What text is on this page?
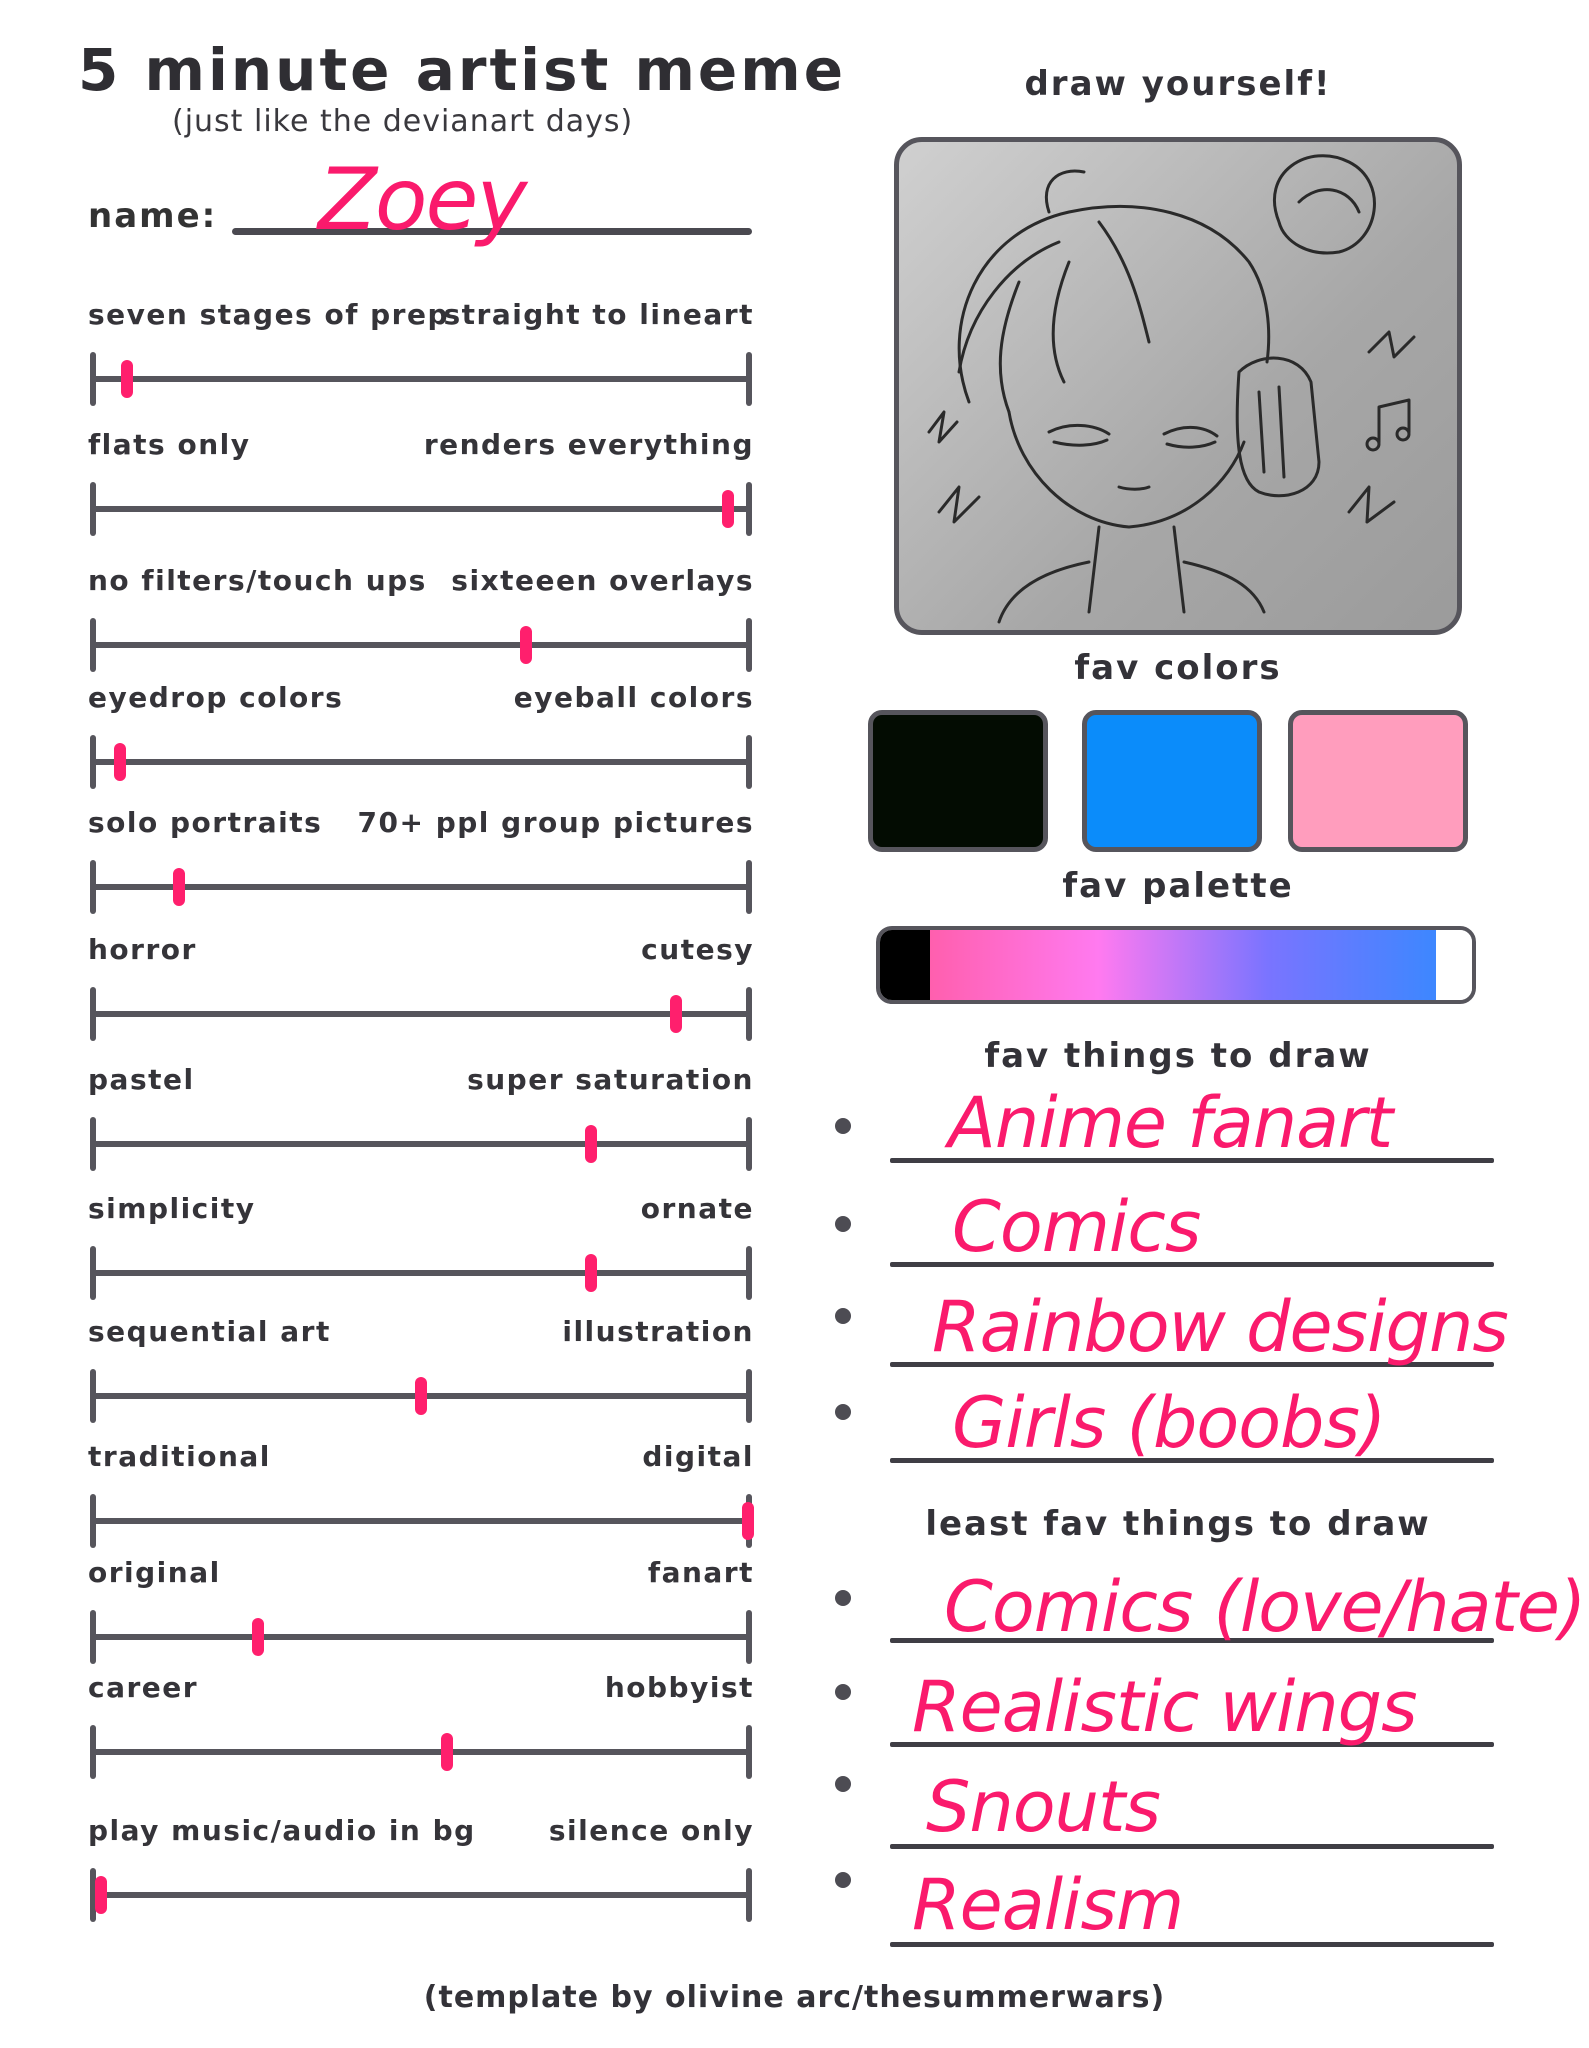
5 minute artist meme
(just like the devianart days)
name: Zoey
seven stages of prep
straight to lineart
flats only	renders everything
no filters/touch ups sixteeen overlays
eyedrop colors	eyeball colors
solo portraits 70+ ppl group pictures
horror	cutesy
pastel	super saturation
simplicity	ornate
sequential art	illustration
traditional	digital
original	fanart
career	hobbyist
play music/audio in bg	silence only
draw yourself!
fav colors
fav palette
fav things to draw
Anime fanart
Comics
Rainbow designs
Girls (boobs)
least fav things to draw
Comics (love/hate)
Realistic wings
Snouts
Realism
(template by olivine arc/thesummerwars)
